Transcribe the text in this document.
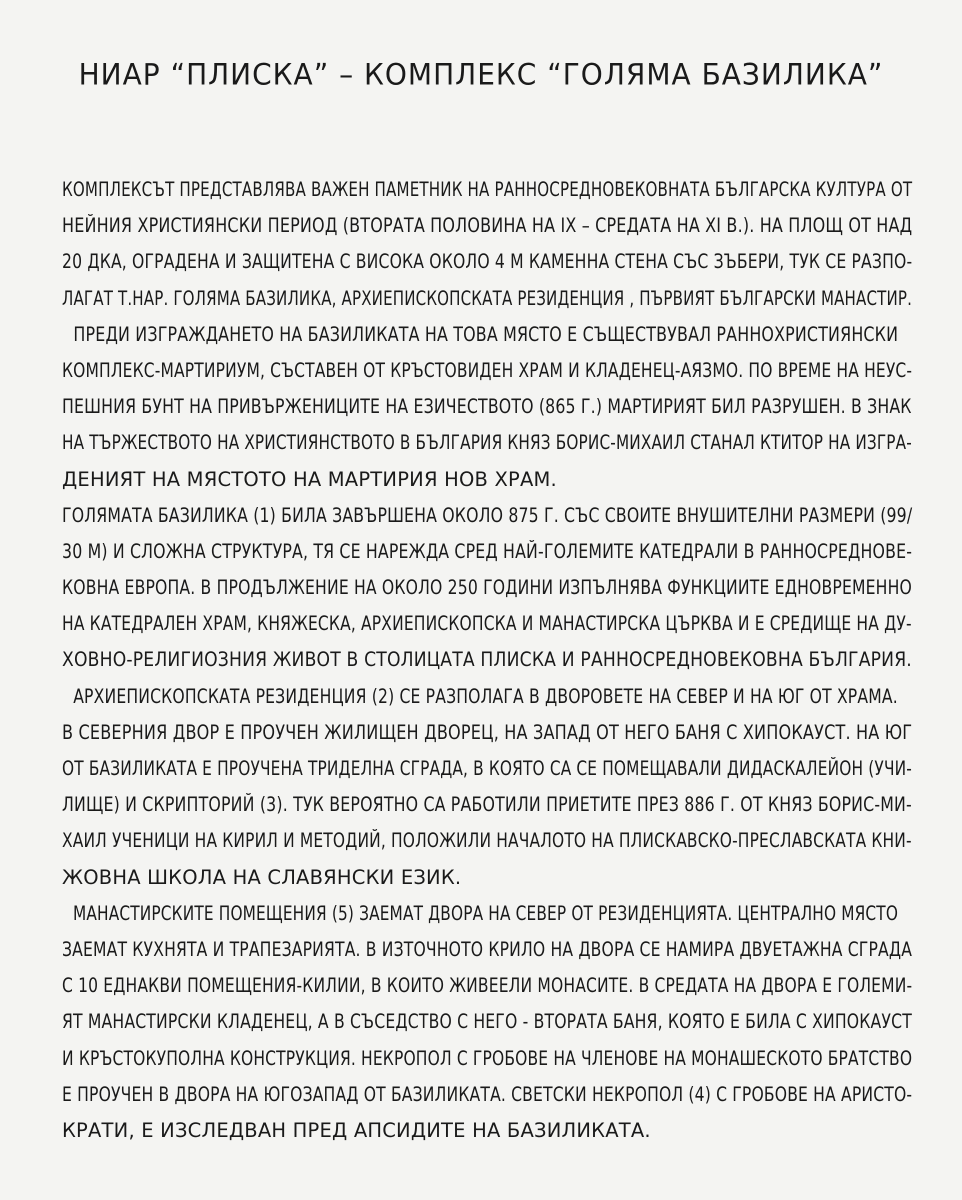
НИАР “ПЛИСКА” – КОМПЛЕКС “ГОЛЯМА БАЗИЛИКА”
КОМПЛЕКСЪТ ПРЕДСТАВЛЯВА ВАЖЕН ПАМЕТНИК НА РАННОСРЕДНОВЕКОВНАТА БЪЛГАРСКА КУЛТУРА ОТ
НЕЙНИЯ ХРИСТИЯНСКИ ПЕРИОД (ВТОРАТА ПОЛОВИНА НА IX – СРЕДАТА НА XI В.). НА ПЛОЩ ОТ НАД
20 ДКА, ОГРАДЕНА И ЗАЩИТЕНА С ВИСОКА ОКОЛО 4 М КАМЕННА СТЕНА СЪС ЗЪБЕРИ, ТУК СЕ РАЗПО-
ЛАГАТ Т.НАР. ГОЛЯМА БАЗИЛИКА, АРХИЕПИСКОПСКАТА РЕЗИДЕНЦИЯ , ПЪРВИЯТ БЪЛГАРСКИ МАНАСТИР.
ПРЕДИ ИЗГРАЖДАНЕТО НА БАЗИЛИКАТА НА ТОВА МЯСТО Е СЪЩЕСТВУВАЛ РАННОХРИСТИЯНСКИ
КОМПЛЕКС-МАРТИРИУМ, СЪСТАВЕН ОТ КРЪСТОВИДЕН ХРАМ И КЛАДЕНЕЦ-АЯЗМО. ПО ВРЕМЕ НА НЕУС-
ПЕШНИЯ БУНТ НА ПРИВЪРЖЕНИЦИТЕ НА ЕЗИЧЕСТВОТО (865 Г.) МАРТИРИЯТ БИЛ РАЗРУШЕН. В ЗНАК
НА ТЪРЖЕСТВОТО НА ХРИСТИЯНСТВОТО В БЪЛГАРИЯ КНЯЗ БОРИС-МИХАИЛ СТАНАЛ КТИТОР НА ИЗГРА-
ДЕНИЯТ НА МЯСТОТО НА МАРТИРИЯ НОВ ХРАМ.
ГОЛЯМАТА БАЗИЛИКА (1) БИЛА ЗАВЪРШЕНА ОКОЛО 875 Г. СЪС СВОИТЕ ВНУШИТЕЛНИ РАЗМЕРИ (99/
30 М) И СЛОЖНА СТРУКТУРА, ТЯ СЕ НАРЕЖДА СРЕД НАЙ-ГОЛЕМИТЕ КАТЕДРАЛИ В РАННОСРЕДНОВЕ-
КОВНА ЕВРОПА. В ПРОДЪЛЖЕНИЕ НА ОКОЛО 250 ГОДИНИ ИЗПЪЛНЯВА ФУНКЦИИТЕ ЕДНОВРЕМЕННО
НА КАТЕДРАЛЕН ХРАМ, КНЯЖЕСКА, АРХИЕПИСКОПСКА И МАНАСТИРСКА ЦЪРКВА И Е СРЕДИЩЕ НА ДУ-
ХОВНО-РЕЛИГИОЗНИЯ ЖИВОТ В СТОЛИЦАТА ПЛИСКА И РАННОСРЕДНОВЕКОВНА БЪЛГАРИЯ.
АРХИЕПИСКОПСКАТА РЕЗИДЕНЦИЯ (2) СЕ РАЗПОЛАГА В ДВОРОВЕТЕ НА СЕВЕР И НА ЮГ ОТ ХРАМА.
В СЕВЕРНИЯ ДВОР Е ПРОУЧЕН ЖИЛИЩЕН ДВОРЕЦ, НА ЗАПАД ОТ НЕГО БАНЯ С ХИПОКАУСТ. НА ЮГ
ОТ БАЗИЛИКАТА Е ПРОУЧЕНА ТРИДЕЛНА СГРАДА, В КОЯТО СА СЕ ПОМЕЩАВАЛИ ДИДАСКАЛЕЙОН (УЧИ-
ЛИЩЕ) И СКРИПТОРИЙ (3). ТУК ВЕРОЯТНО СА РАБОТИЛИ ПРИЕТИТЕ ПРЕЗ 886 Г. ОТ КНЯЗ БОРИС-МИ-
ХАИЛ УЧЕНИЦИ НА КИРИЛ И МЕТОДИЙ, ПОЛОЖИЛИ НАЧАЛОТО НА ПЛИСКАВСКО-ПРЕСЛАВСКАТА КНИ-
ЖОВНА ШКОЛА НА СЛАВЯНСКИ ЕЗИК.
МАНАСТИРСКИТЕ ПОМЕЩЕНИЯ (5) ЗАЕМАТ ДВОРА НА СЕВЕР ОТ РЕЗИДЕНЦИЯТА. ЦЕНТРАЛНО МЯСТО
ЗАЕМАТ КУХНЯТА И ТРАПЕЗАРИЯТА. В ИЗТОЧНОТО КРИЛО НА ДВОРА СЕ НАМИРА ДВУЕТАЖНА СГРАДА
С 10 ЕДНАКВИ ПОМЕЩЕНИЯ-КИЛИИ, В КОИТО ЖИВЕЕЛИ МОНАСИТЕ. В СРЕДАТА НА ДВОРА Е ГОЛЕМИ-
ЯТ МАНАСТИРСКИ КЛАДЕНЕЦ, А В СЪСЕДСТВО С НЕГО - ВТОРАТА БАНЯ, КОЯТО Е БИЛА С ХИПОКАУСТ
И КРЪСТОКУПОЛНА КОНСТРУКЦИЯ. НЕКРОПОЛ С ГРОБОВЕ НА ЧЛЕНОВЕ НА МОНАШЕСКОТО БРАТСТВО
Е ПРОУЧЕН В ДВОРА НА ЮГОЗАПАД ОТ БАЗИЛИКАТА. СВЕТСКИ НЕКРОПОЛ (4) С ГРОБОВЕ НА АРИСТО-
КРАТИ, Е ИЗСЛЕДВАН ПРЕД АПСИДИТЕ НА БАЗИЛИКАТА.
